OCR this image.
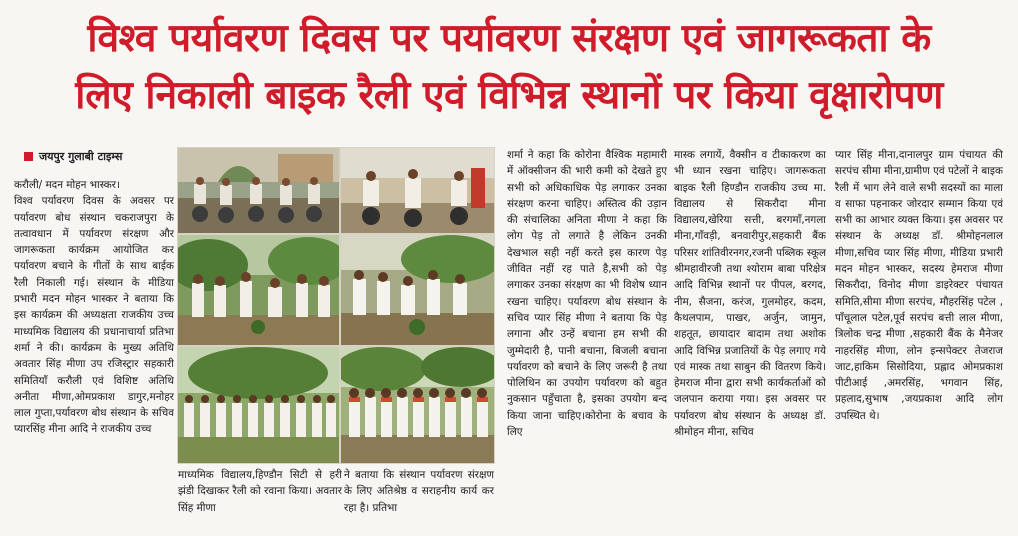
विश्व पर्यावरण दिवस पर पर्यावरण संरक्षण एवं जागरूकता के
लिए निकाली बाइक रैली एवं विभिन्न स्थानों पर किया वृक्षारोपण
जयपुर गुलाबी टाइम्स
करौली/ मदन मोहन भास्कर।
विश्व पर्यावरण दिवस के अवसर पर पर्यावरण बोध संस्थान चकराजपुरा के तत्वावधान में पर्यावरण संरक्षण और जागरूकता कार्यक्रम आयोजित कर पर्यावरण बचाने के गीतों के साथ बाईक रैली निकाली गई। संस्थान के मीडिया प्रभारी मदन मोहन भास्कर ने बताया कि इस कार्यक्रम की अध्यक्षता राजकीय उच्च माध्यमिक विद्यालय की प्रधानाचार्या प्रतिभा शर्मा ने की। कार्यक्रम के मुख्य अतिथि अवतार सिंह मीणा उप रजिस्ट्रार सहकारी समितियाँ करौली एवं विशिष्ट अतिथि अनीता मीणा,ओमप्रकाश डागुर,मनोहर लाल गुप्ता,पर्यावरण बोध संस्थान के सचिव प्यारसिंह मीना आदि ने राजकीय उच्च
माध्यमिक विद्यालय,हिण्डौन सिटी से हरी झंडी दिखाकर रैली को रवाना किया। अवतार सिंह मीणा
ने बताया कि संस्थान पर्यावरण संरक्षण के लिए अतिश्रेष्ठ व सराहनीय कार्य कर रहा है। प्रतिभा
शर्मा ने कहा कि कोरोना वैश्विक महामारी में ऑक्सीजन की भारी कमी को देखते हुए सभी को अधिकाधिक पेड़ लगाकर उनका संरक्षण करना चाहिए। अस्तित्व की उड़ान की संचालिका अनिता मीणा ने कहा कि लोग पेड़ तो लगाते है लेकिन उनकी देखभाल सही नहीं करते इस कारण पेड़ जीवित नहीं रह पाते है,सभी को पेड़ लगाकर उनका संरक्षण का भी विशेष ध्यान रखना चाहिए। पर्यावरण बोध संस्थान के सचिव प्यार सिंह मीणा ने बताया कि पेड़ लगाना और उन्हें बचाना हम सभी की जुम्मेदारी है, पानी बचाना, बिजली बचाना पर्यावरण को बचाने के लिए जरूरी है तथा पोलिथिन का उपयोग पर्यावरण को बहुत नुकसान पहुँचाता है, इसका उपयोग बन्द किया जाना चाहिए।कोरोना के बचाव के लिए
मास्क लगायें, वैक्सीन व टीकाकरण का भी ध्यान रखना चाहिए। जागरूकता बाइक रैली हिण्डौन राजकीय उच्च मा. विद्यालय से सिकरौदा मीना विद्यालय,खेरिया सत्ती, बरगमाँ,नगला मीना,गाँवड़ी, बनवारीपुर,सहकारी बैंक परिसर शांतिवीरनगर,रजनी पब्लिक स्कूल श्रीमहावीरजी तथा श्योराम बाबा परिक्षेत्र आदि विभिन्न स्थानों पर पीपल, बरगद, नीम, सैजना, करंज, गुलमोहर, कदम, कैथलपाम, पाखर, अर्जुन, जामुन, शहतूत, छायादार बादाम तथा अशोक आदि विभिन्न प्रजातियों के पेड़ लगाए गये एवं मास्क तथा साबुन की वितरण किये। हेमराज मीना द्वारा सभी कार्यकर्ताओं को जलपान कराया गया। इस अवसर पर पर्यावरण बोध संस्थान के अध्यक्ष डॉ. श्रीमोहन मीना, सचिव
प्यार सिंह मीना,दानालपुर ग्राम पंचायत की सरपंच सीमा मीना,ग्रामीण एवं पटेलों ने बाइक रैली में भाग लेने वाले सभी सदस्यों का माला व साफा पहनाकर जोरदार सम्मान किया एवं सभी का आभार व्यक्त किया। इस अवसर पर संस्थान के अध्यक्ष डॉ. श्रीमोहनलाल मीणा,सचिव प्यार सिंह मीणा, मीडिया प्रभारी मदन मोहन भास्कर, सदस्य हेमराज मीणा सिकरौदा, विनोद मीणा डाइरेक्टर पंचायत समिति,सीमा मीणा सरपंच, मौहरसिंह पटेल , पाँचूलाल पटेल,पूर्व सरपंच बत्ती लाल मीणा, त्रिलोक चन्द्र मीणा ,सहकारी बैंक के मैनेजर नाहरसिंह मीणा, लोन इन्सपेक्टर तेजराज जाट,हाकिम सिसोदिया, प्रह्लाद ओमप्रकाश पीटीआई ,अमरसिंह, भगवान सिंह, प्रहलाद,सुभाष ,जयप्रकाश आदि लोग उपस्थित थे।
